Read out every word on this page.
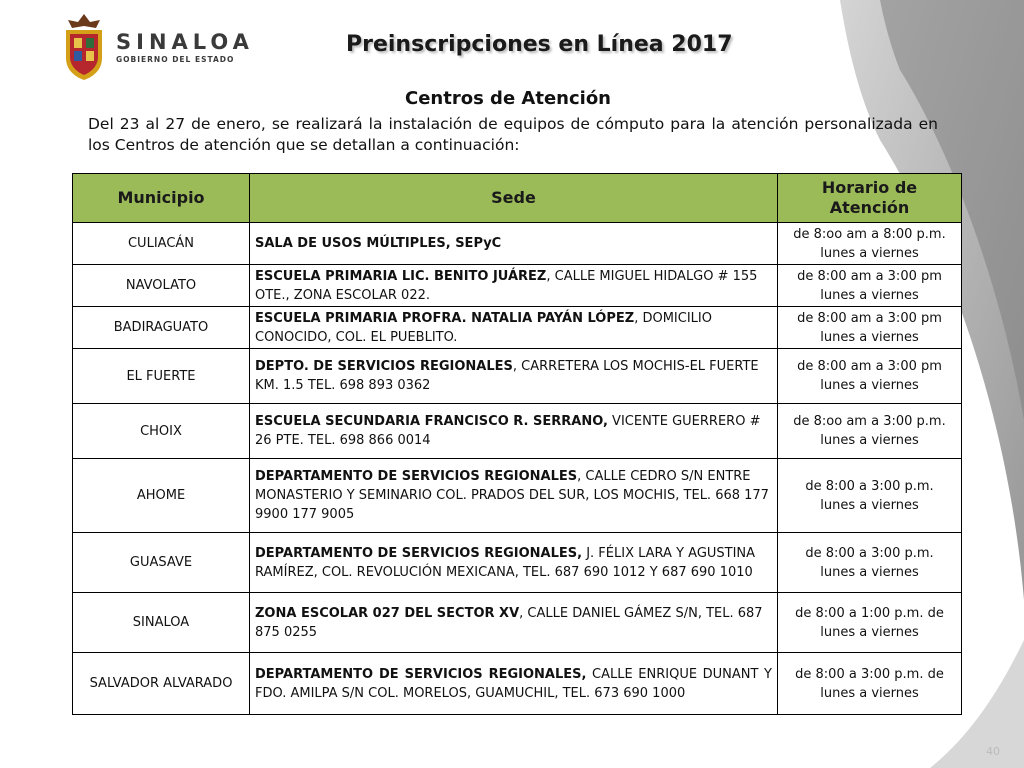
SINALOA
GOBIERNO DEL ESTADO
Preinscripciones en Línea 2017
Centros de Atención

Del 23 al 27 de enero, se realizará la instalación de equipos de cómputo para la atención personalizada en los Centros de atención que se detallan a continuación:

Municipio	Sede	Horario de Atención
CULIACÁN	SALA DE USOS MÚLTIPLES, SEPyC	de 8:oo am a 8:00 p.m.
lunes a viernes
NAVOLATO	ESCUELA PRIMARIA LIC. BENITO JUÁREZ, CALLE MIGUEL HIDALGO # 155 OTE., ZONA ESCOLAR 022.	de 8:00 am a 3:00 pm
lunes a viernes
BADIRAGUATO	ESCUELA PRIMARIA PROFRA. NATALIA PAYÁN LÓPEZ, DOMICILIO CONOCIDO, COL. EL PUEBLITO.	de 8:00 am a 3:00 pm
lunes a viernes
EL FUERTE	DEPTO. DE SERVICIOS REGIONALES, CARRETERA LOS MOCHIS-EL FUERTE KM. 1.5 TEL. 698 893 0362	de 8:00 am a 3:00 pm
lunes a viernes
CHOIX	ESCUELA SECUNDARIA FRANCISCO R. SERRANO, VICENTE GUERRERO # 26 PTE. TEL. 698 866 0014	de 8:oo am a 3:00 p.m.
lunes a viernes
AHOME	DEPARTAMENTO DE SERVICIOS REGIONALES, CALLE CEDRO S/N ENTRE MONASTERIO Y SEMINARIO COL. PRADOS DEL SUR, LOS MOCHIS, TEL. 668 177 9900 177 9005	de 8:00 a 3:00 p.m.
lunes a viernes
GUASAVE	DEPARTAMENTO DE SERVICIOS REGIONALES, J. FÉLIX LARA Y AGUSTINA RAMÍREZ, COL. REVOLUCIÓN MEXICANA, TEL. 687 690 1012 Y 687 690 1010	de 8:00 a 3:00 p.m.
lunes a viernes
SINALOA	ZONA ESCOLAR 027 DEL SECTOR XV, CALLE DANIEL GÁMEZ S/N, TEL. 687 875 0255	de 8:00 a 1:00 p.m. de
lunes a viernes
SALVADOR ALVARADO	DEPARTAMENTO DE SERVICIOS REGIONALES, CALLE ENRIQUE DUNANT Y FDO. AMILPA S/N COL. MORELOS, GUAMUCHIL, TEL. 673 690 1000	de 8:00 a 3:00 p.m. de
lunes a viernes
40
